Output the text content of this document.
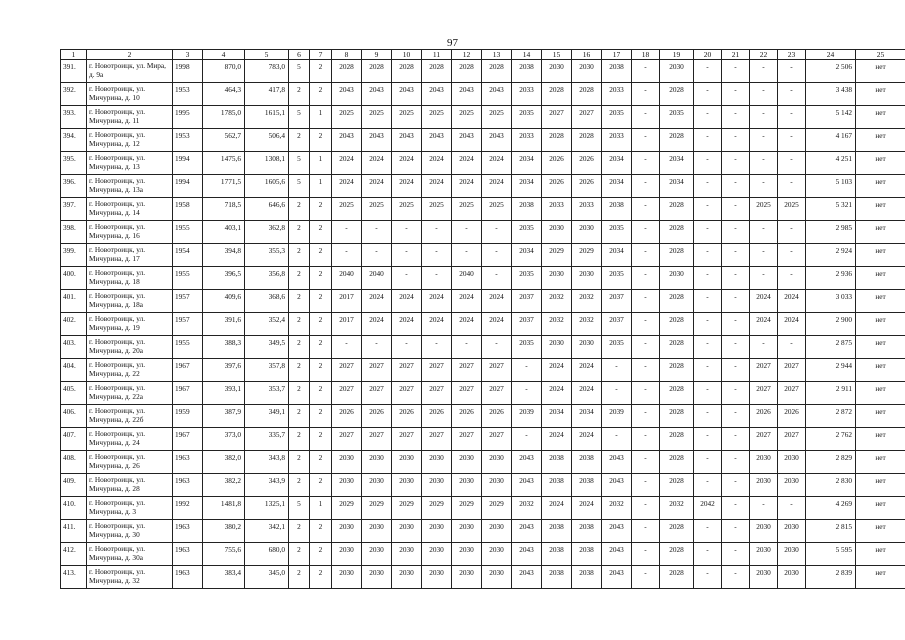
97
1	2	3	4	5	6	7	8	9	10	11	12	13	14	15	16	17	18	19	20	21	22	23	24	25
391.	г. Новотроицк, ул. Мира, д. 9а	1998	870,0	783,0	5	2	2028	2028	2028	2028	2028	2028	2038	2030	2030	2038	-	2030	-	-	-	-	2 506	нет
392.	г. Новотроицк, ул. Мичурина, д. 10	1953	464,3	417,8	2	2	2043	2043	2043	2043	2043	2043	2033	2028	2028	2033	-	2028	-	-	-	-	3 438	нет
393.	г. Новотроицк, ул. Мичурина, д. 11	1995	1785,0	1615,1	5	1	2025	2025	2025	2025	2025	2025	2035	2027	2027	2035	-	2035	-	-	-	-	5 142	нет
394.	г. Новотроицк, ул. Мичурина, д. 12	1953	562,7	506,4	2	2	2043	2043	2043	2043	2043	2043	2033	2028	2028	2033	-	2028	-	-	-	-	4 167	нет
395.	г. Новотроицк, ул. Мичурина, д. 13	1994	1475,6	1308,1	5	1	2024	2024	2024	2024	2024	2024	2034	2026	2026	2034	-	2034	-	-	-	-	4 251	нет
396.	г. Новотроицк, ул. Мичурина, д. 13а	1994	1771,5	1605,6	5	1	2024	2024	2024	2024	2024	2024	2034	2026	2026	2034	-	2034	-	-	-	-	5 103	нет
397.	г. Новотроицк, ул. Мичурина, д. 14	1958	718,5	646,6	2	2	2025	2025	2025	2025	2025	2025	2038	2033	2033	2038	-	2028	-	-	2025	2025	5 321	нет
398.	г. Новотроицк, ул. Мичурина, д. 16	1955	403,1	362,8	2	2	-	-	-	-	-	-	2035	2030	2030	2035	-	2028	-	-	-	-	2 985	нет
399.	г. Новотроицк, ул. Мичурина, д. 17	1954	394,8	355,3	2	2	-	-	-	-	-	-	2034	2029	2029	2034	-	2028	-	-	-	-	2 924	нет
400.	г. Новотроицк, ул. Мичурина, д. 18	1955	396,5	356,8	2	2	2040	2040	-	-	2040	-	2035	2030	2030	2035	-	2030	-	-	-	-	2 936	нет
401.	г. Новотроицк, ул. Мичурина, д. 18а	1957	409,6	368,6	2	2	2017	2024	2024	2024	2024	2024	2037	2032	2032	2037	-	2028	-	-	2024	2024	3 033	нет
402.	г. Новотроицк, ул. Мичурина, д. 19	1957	391,6	352,4	2	2	2017	2024	2024	2024	2024	2024	2037	2032	2032	2037	-	2028	-	-	2024	2024	2 900	нет
403.	г. Новотроицк, ул. Мичурина, д. 20а	1955	388,3	349,5	2	2	-	-	-	-	-	-	2035	2030	2030	2035	-	2028	-	-	-	-	2 875	нет
404.	г. Новотроицк, ул. Мичурина, д. 22	1967	397,6	357,8	2	2	2027	2027	2027	2027	2027	2027	-	2024	2024	-	-	2028	-	-	2027	2027	2 944	нет
405.	г. Новотроицк, ул. Мичурина, д. 22а	1967	393,1	353,7	2	2	2027	2027	2027	2027	2027	2027	-	2024	2024	-	-	2028	-	-	2027	2027	2 911	нет
406.	г. Новотроицк, ул. Мичурина, д. 22б	1959	387,9	349,1	2	2	2026	2026	2026	2026	2026	2026	2039	2034	2034	2039	-	2028	-	-	2026	2026	2 872	нет
407.	г. Новотроицк, ул. Мичурина, д. 24	1967	373,0	335,7	2	2	2027	2027	2027	2027	2027	2027	-	2024	2024	-	-	2028	-	-	2027	2027	2 762	нет
408.	г. Новотроицк, ул. Мичурина, д. 26	1963	382,0	343,8	2	2	2030	2030	2030	2030	2030	2030	2043	2038	2038	2043	-	2028	-	-	2030	2030	2 829	нет
409.	г. Новотроицк, ул. Мичурина, д. 28	1963	382,2	343,9	2	2	2030	2030	2030	2030	2030	2030	2043	2038	2038	2043	-	2028	-	-	2030	2030	2 830	нет
410.	г. Новотроицк, ул. Мичурина, д. 3	1992	1481,8	1325,1	5	1	2029	2029	2029	2029	2029	2029	2032	2024	2024	2032	-	2032	2042	-	-	-	4 269	нет
411.	г. Новотроицк, ул. Мичурина, д. 30	1963	380,2	342,1	2	2	2030	2030	2030	2030	2030	2030	2043	2038	2038	2043	-	2028	-	-	2030	2030	2 815	нет
412.	г. Новотроицк, ул. Мичурина, д. 30а	1963	755,6	680,0	2	2	2030	2030	2030	2030	2030	2030	2043	2038	2038	2043	-	2028	-	-	2030	2030	5 595	нет
413.	г. Новотроицк, ул. Мичурина, д. 32	1963	383,4	345,0	2	2	2030	2030	2030	2030	2030	2030	2043	2038	2038	2043	-	2028	-	-	2030	2030	2 839	нет
